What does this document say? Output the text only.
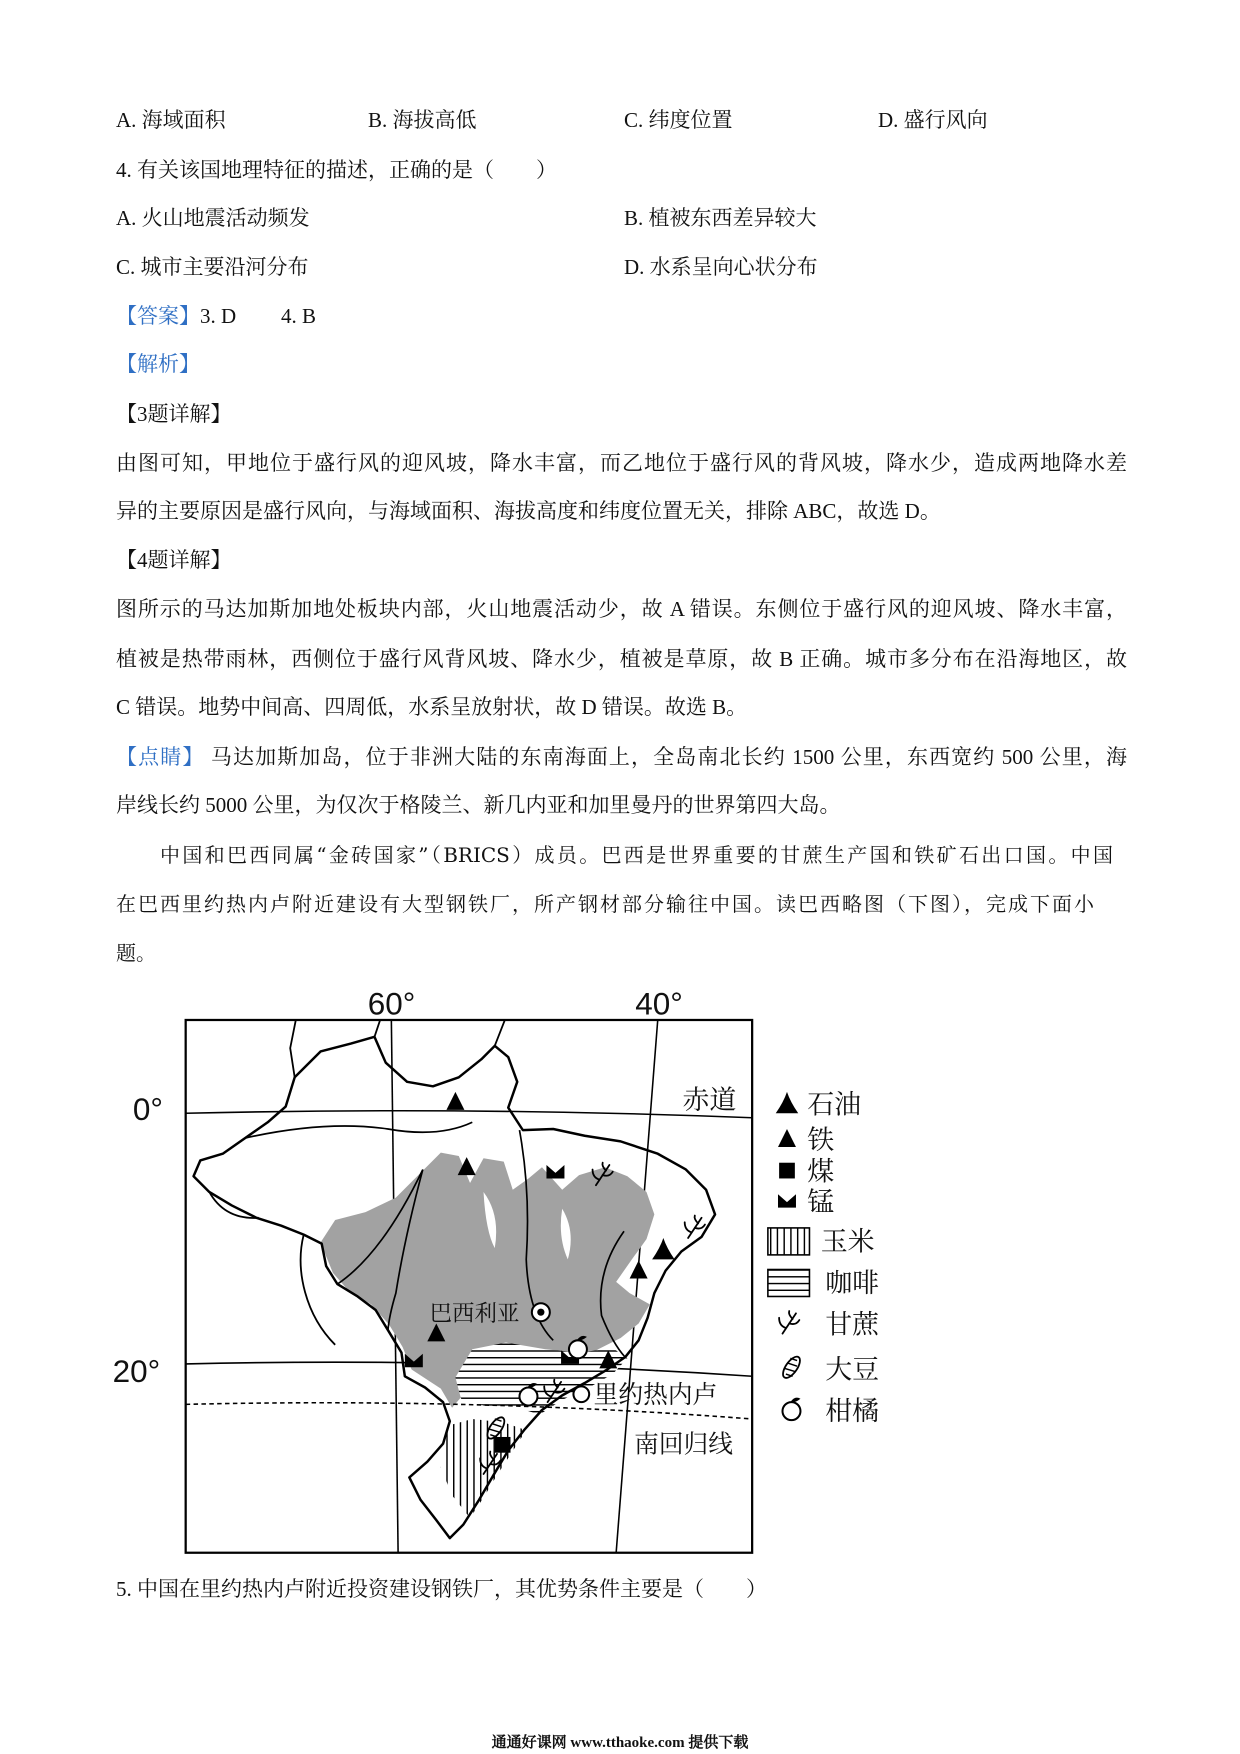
A. 海域面积	B. 海拔高低	C. 纬度位置	D. 盛行风向
4. 有关该国地理特征的描述，正确的是（　　）
A. 火山地震活动频发	B. 植被东西差异较大
C. 城市主要沿河分布	D. 水系呈向心状分布
【答案】3. D 4. B
【解析】
【3题详解】
由图可知，甲地位于盛行风的迎风坡，降水丰富，而乙地位于盛行风的背风坡，降水少，造成两地降水差
异的主要原因是盛行风向，与海域面积、海拔高度和纬度位置无关，排除 ABC，故选 D。
【4题详解】
图所示的马达加斯加地处板块内部，火山地震活动少，故 A 错误。东侧位于盛行风的迎风坡、降水丰富，
植被是热带雨林，西侧位于盛行风背风坡、降水少，植被是草原，故 B 正确。城市多分布在沿海地区，故
C 错误。地势中间高、四周低，水系呈放射状，故 D 错误。故选 B。
【点睛】 马达加斯加岛，位于非洲大陆的东南海面上，全岛南北长约 1500 公里，东西宽约 500 公里，海
岸线长约 5000 公里，为仅次于格陵兰、新几内亚和加里曼丹的世界第四大岛。
中国和巴西同属“金砖国家”（BRICS）成员。巴西是世界重要的甘蔗生产国和铁矿石出口国。中国
在巴西里约热内卢附近建设有大型钢铁厂，所产钢材部分输往中国。读巴西略图（下图），完成下面小
题。
60°	40°
0°
20°
赤道
巴西利亚
里约热内卢
南回归线
石油
铁
煤
锰
玉米
咖啡
甘蔗
大豆
柑橘
5. 中国在里约热内卢附近投资建设钢铁厂，其优势条件主要是（　　）
通通好课网 www.tthaoke.com 提供下载
